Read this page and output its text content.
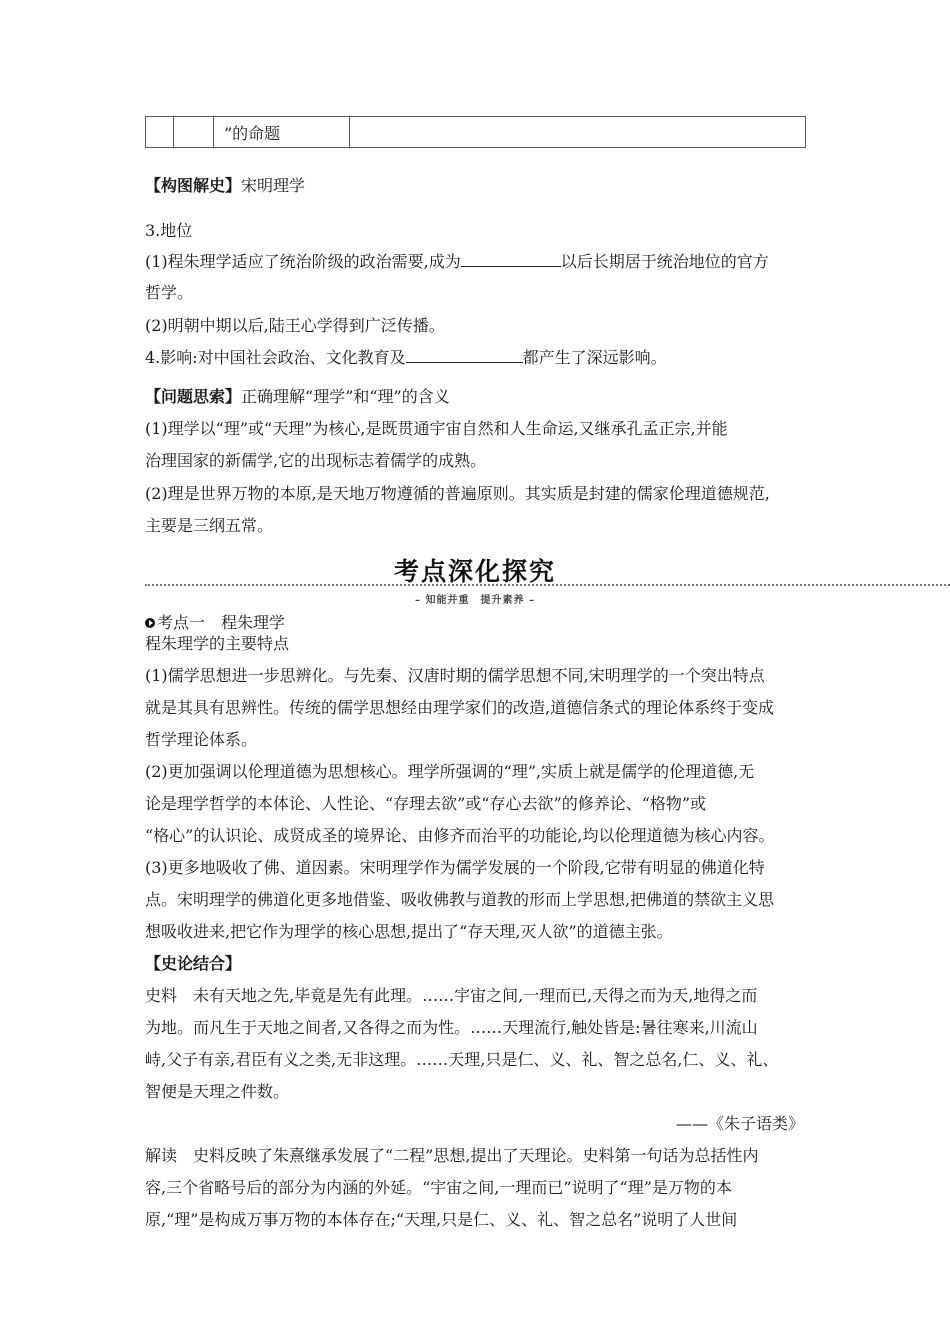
”的命题
【构图解史】宋明理学
3.地位
(1)程朱理学适应了统治阶级的政治需要,成为	以后长期居于统治地位的官方
哲学。
(2)明朝中期以后,陆王心学得到广泛传播。
4.影响:对中国社会政治、文化教育及	都产生了深远影响。
【问题思索】正确理解“理学”和“理”的含义
(1)理学以“理”或“天理”为核心,是既贯通宇宙自然和人生命运,又继承孔孟正宗,并能
治理国家的新儒学,它的出现标志着儒学的成熟。
(2)理是世界万物的本原,是天地万物遵循的普遍原则。其实质是封建的儒家伦理道德规范,
主要是三纲五常。
考点深化探究
– 知能并重　提升素养 –
考点一　程朱理学
程朱理学的主要特点
(1)儒学思想进一步思辨化。与先秦、汉唐时期的儒学思想不同,宋明理学的一个突出特点
就是其具有思辨性。传统的儒学思想经由理学家们的改造,道德信条式的理论体系终于变成
哲学理论体系。
(2)更加强调以伦理道德为思想核心。理学所强调的“理”,实质上就是儒学的伦理道德,无
论是理学哲学的本体论、人性论、“存理去欲”或“存心去欲”的修养论、“格物”或
“格心”的认识论、成贤成圣的境界论、由修齐而治平的功能论,均以伦理道德为核心内容。
(3)更多地吸收了佛、道因素。宋明理学作为儒学发展的一个阶段,它带有明显的佛道化特
点。宋明理学的佛道化更多地借鉴、吸收佛教与道教的形而上学思想,把佛道的禁欲主义思
想吸收进来,把它作为理学的核心思想,提出了“存天理,灭人欲”的道德主张。
【史论结合】
史料　未有天地之先,毕竟是先有此理。……宇宙之间,一理而已,天得之而为天,地得之而
为地。而凡生于天地之间者,又各得之而为性。……天理流行,触处皆是:暑往寒来,川流山
峙,父子有亲,君臣有义之类,无非这理。……天理,只是仁、义、礼、智之总名,仁、义、礼、
智便是天理之件数。
——《朱子语类》
解读　史料反映了朱熹继承发展了“二程”思想,提出了天理论。史料第一句话为总括性内
容,三个省略号后的部分为内涵的外延。“宇宙之间,一理而已”说明了“理”是万物的本
原,“理”是构成万事万物的本体存在;“天理,只是仁、义、礼、智之总名”说明了人世间
